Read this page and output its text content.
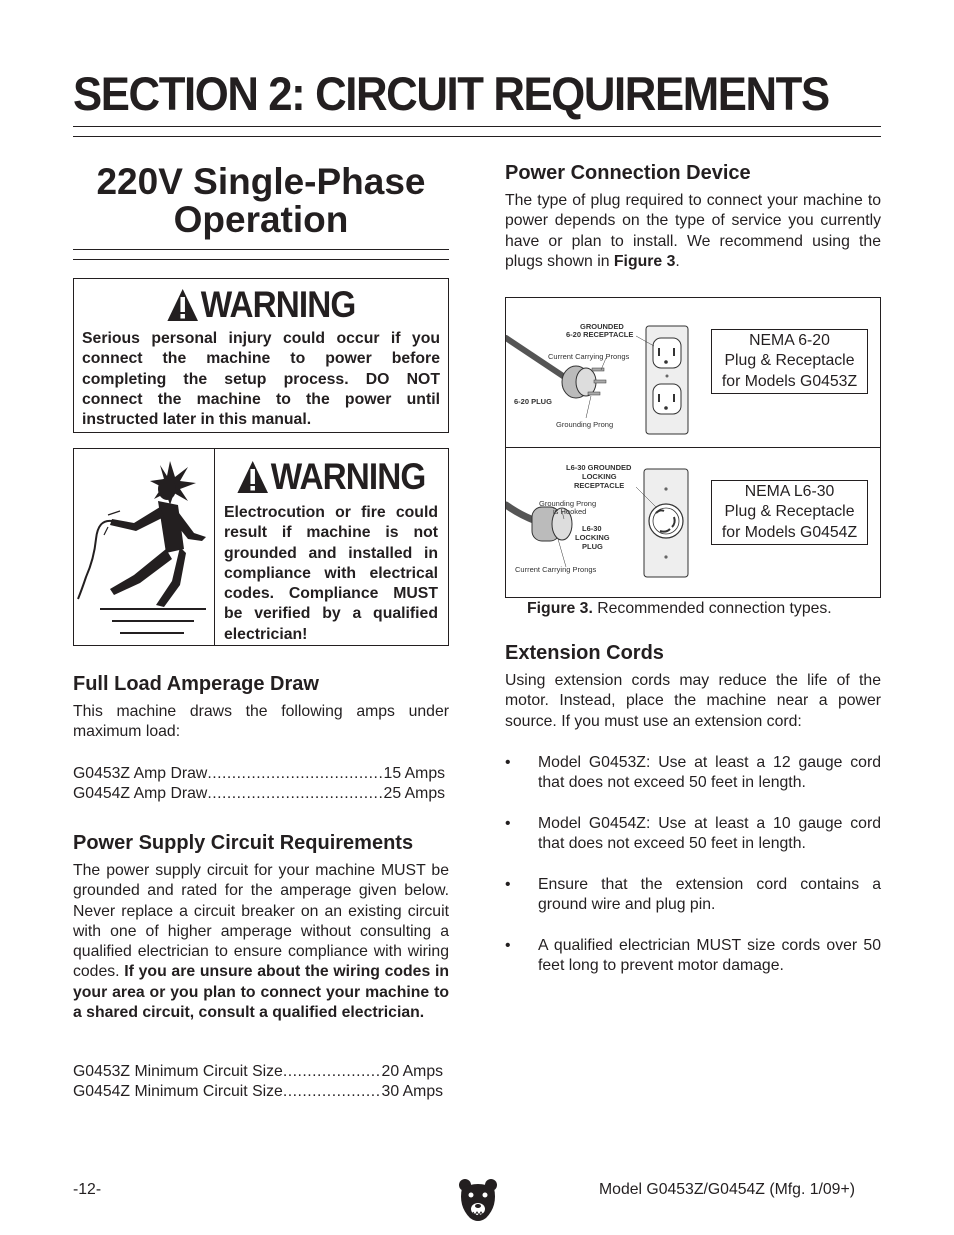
SECTION 2: CIRCUIT REQUIREMENTS
220V Single-Phase
Operation
WARNING
Serious personal injury could occur if you connect the machine to power before completing the setup process. DO NOT connect the machine to the power until instructed later in this manual.
WARNING
Electrocution or fire could result if machine is not grounded and installed in compliance with electrical codes. Compliance MUST be verified by a qualified electrician!
Full Load Amperage Draw
This machine draws the following amps under maximum load:
G0453Z Amp Draw .....	15 Amps
G0454Z Amp Draw .....	25 Amps
Power Supply Circuit Requirements
The power supply circuit for your machine MUST be grounded and rated for the amperage given below. Never replace a circuit breaker on an existing circuit with one of higher amperage without consulting a qualified electrician to ensure compliance with wiring codes. If you are unsure about the wiring codes in your area or you plan to connect your machine to a shared circuit, consult a qualified electrician.
G0453Z Minimum Circuit Size .....	20 Amps
G0454Z Minimum Circuit Size .....	30 Amps
Power Connection Device
The type of plug required to connect your machine to power depends on the type of service you currently have or plan to install. We recommend using the plugs shown in Figure 3.
GROUNDED
6-20 RECEPTACLE
Current Carrying Prongs
6-20 PLUG
Grounding Prong
NEMA 6-20
Plug & Receptacle
for Models G0453Z
L6-30 GROUNDED
LOCKING
RECEPTACLE
Grounding Prong
is Hooked
L6-30
LOCKING
PLUG
Current Carrying Prongs
NEMA L6-30
Plug & Receptacle
for Models G0454Z
Figure 3. Recommended connection types.
Extension Cords
Using extension cords may reduce the life of the motor. Instead, place the machine near a power source. If you must use an extension cord:
• Model G0453Z: Use at least a 12 gauge cord that does not exceed 50 feet in length.
• Model G0454Z: Use at least a 10 gauge cord that does not exceed 50 feet in length.
• Ensure that the extension cord contains a ground wire and plug pin.
• A qualified electrician MUST size cords over 50 feet long to prevent motor damage.
-12-	Model G0453Z/G0454Z (Mfg. 1/09+)
